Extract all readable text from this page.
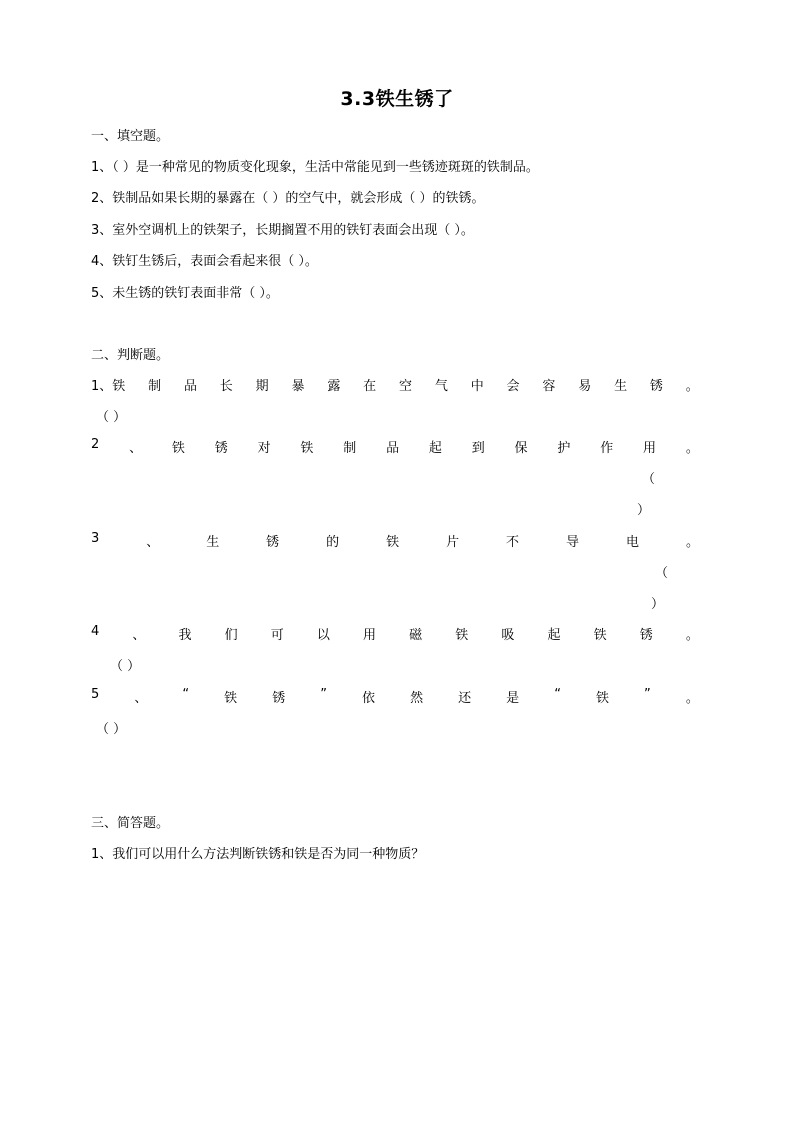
3.3铁生锈了
一、填空题。
1、（ ）是一种常见的物质变化现象，生活中常能见到一些锈迹斑斑的铁制品。
2、铁制品如果长期的暴露在（ ）的空气中，就会形成（ ）的铁锈。
3、室外空调机上的铁架子，长期搁置不用的铁钉表面会出现（ ）。
4、铁钉生锈后，表面会看起来很（ ）。
5、未生锈的铁钉表面非常（ ）。
二、判断题。
1、铁 制 品 长 期 暴 露 在 空 气 中 会 容 易 生 锈 。
（ ）
2 、 铁 锈 对 铁 制 品 起 到 保 护 作 用 。
（
）
3	、	生	锈	的	铁	片	不	导	电	。
（
）
4	、	我	们	可	以	用	磁	铁	吸	起	铁	锈	。
（ ）
5	、	“	铁	锈	”	依	然	还	是	“	铁	”	。
（ ）
三、简答题。
1、我们可以用什么方法判断铁锈和铁是否为同一种物质？
